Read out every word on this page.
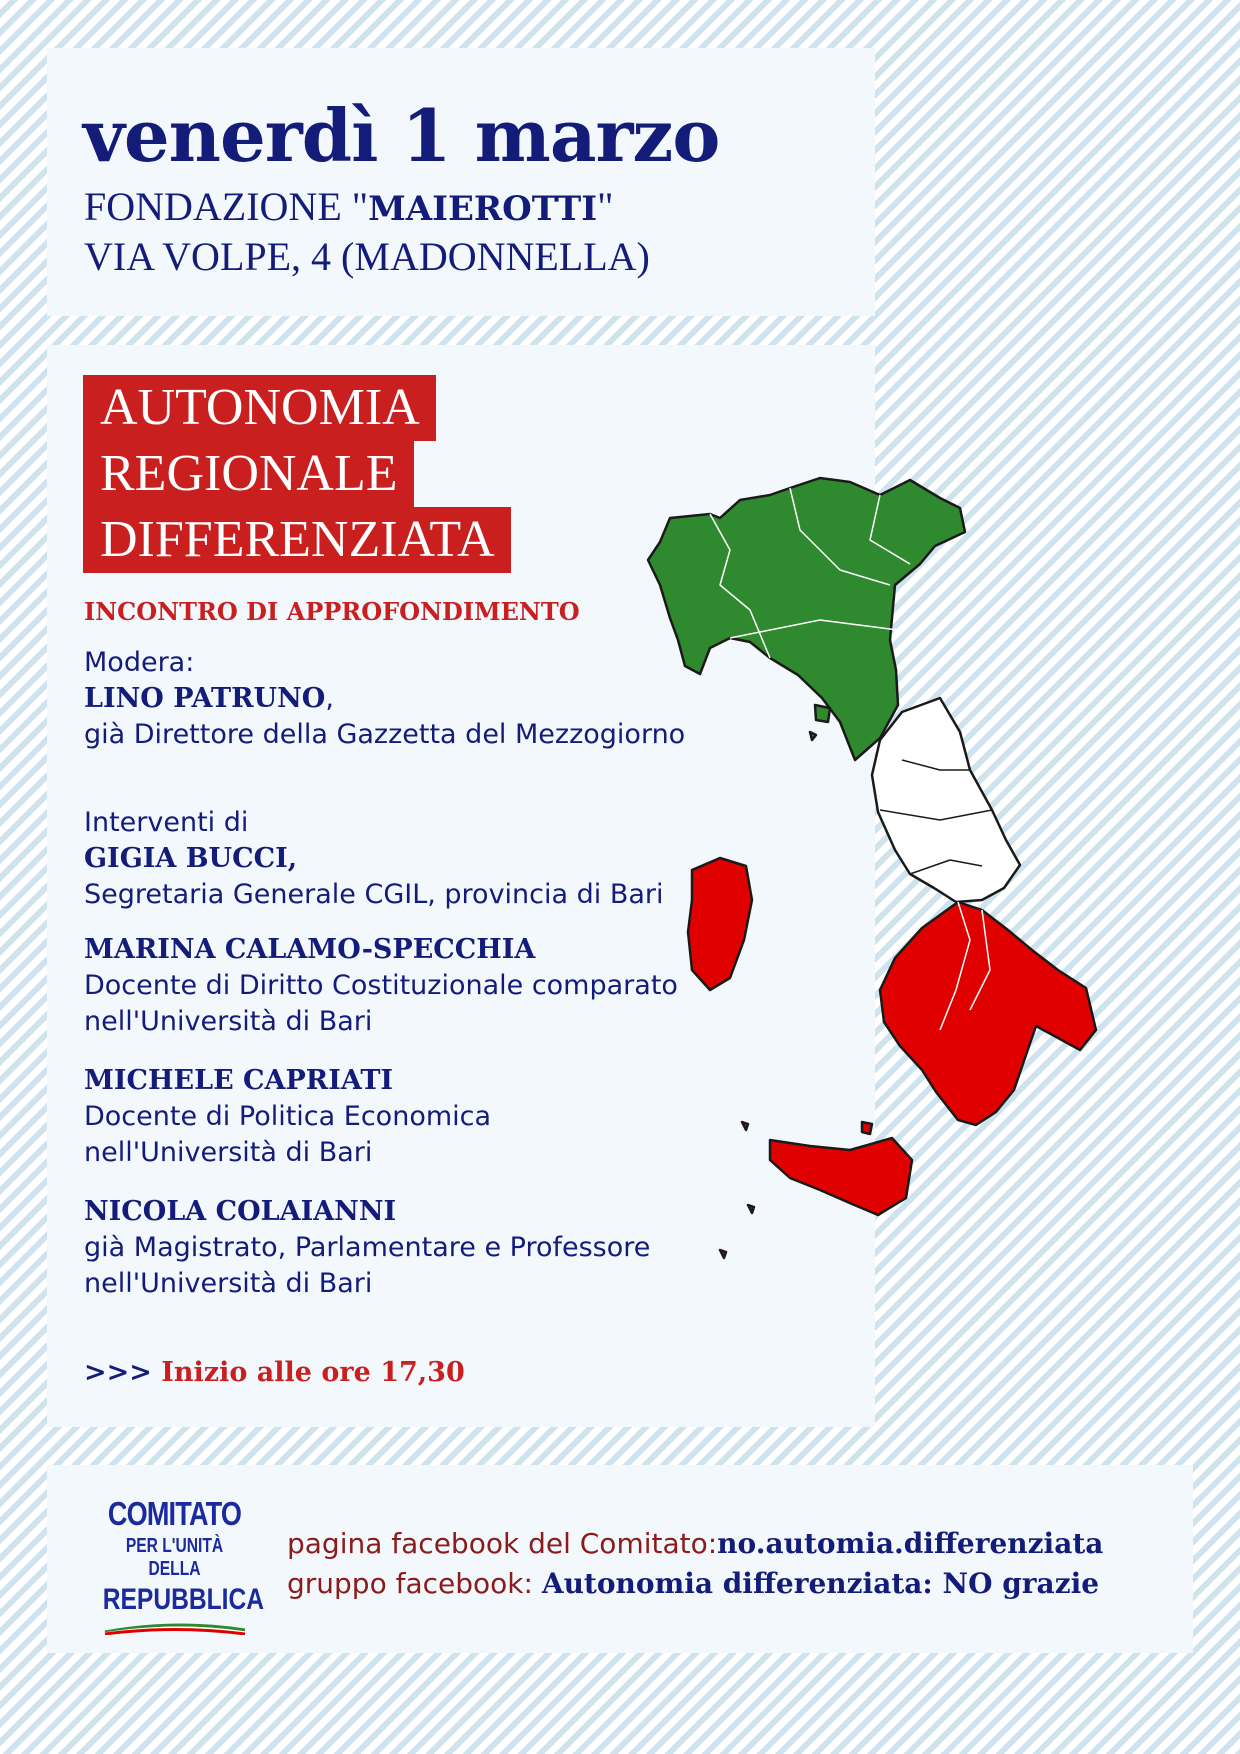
venerdì 1 marzo

FONDAZIONE "MAIEROTTI"

VIA VOLPE, 4 (MADONNELLA)

AUTONOMIA

REGIONALE

DIFFERENZIATA

INCONTRO DI APPROFONDIMENTO

Modera:
LINO PATRUNO,
già Direttore della Gazzetta del Mezzogiorno
Interventi di
GIGIA BUCCI,
Segretaria Generale CGIL, provincia di Bari
MARINA CALAMO-SPECCHIA
Docente di Diritto Costituzionale comparato
nell'Università di Bari
MICHELE CAPRIATI
Docente di Politica Economica
nell'Università di Bari
NICOLA COLAIANNI
già Magistrato, Parlamentare e Professore
nell'Università di Bari

>>> Inizio alle ore 17,30

COMITATO
PER L'UNITÀ DELLA
REPUBBLICA

pagina facebook del Comitato:no.automia.differenziata

gruppo facebook: Autonomia differenziata: NO grazie
